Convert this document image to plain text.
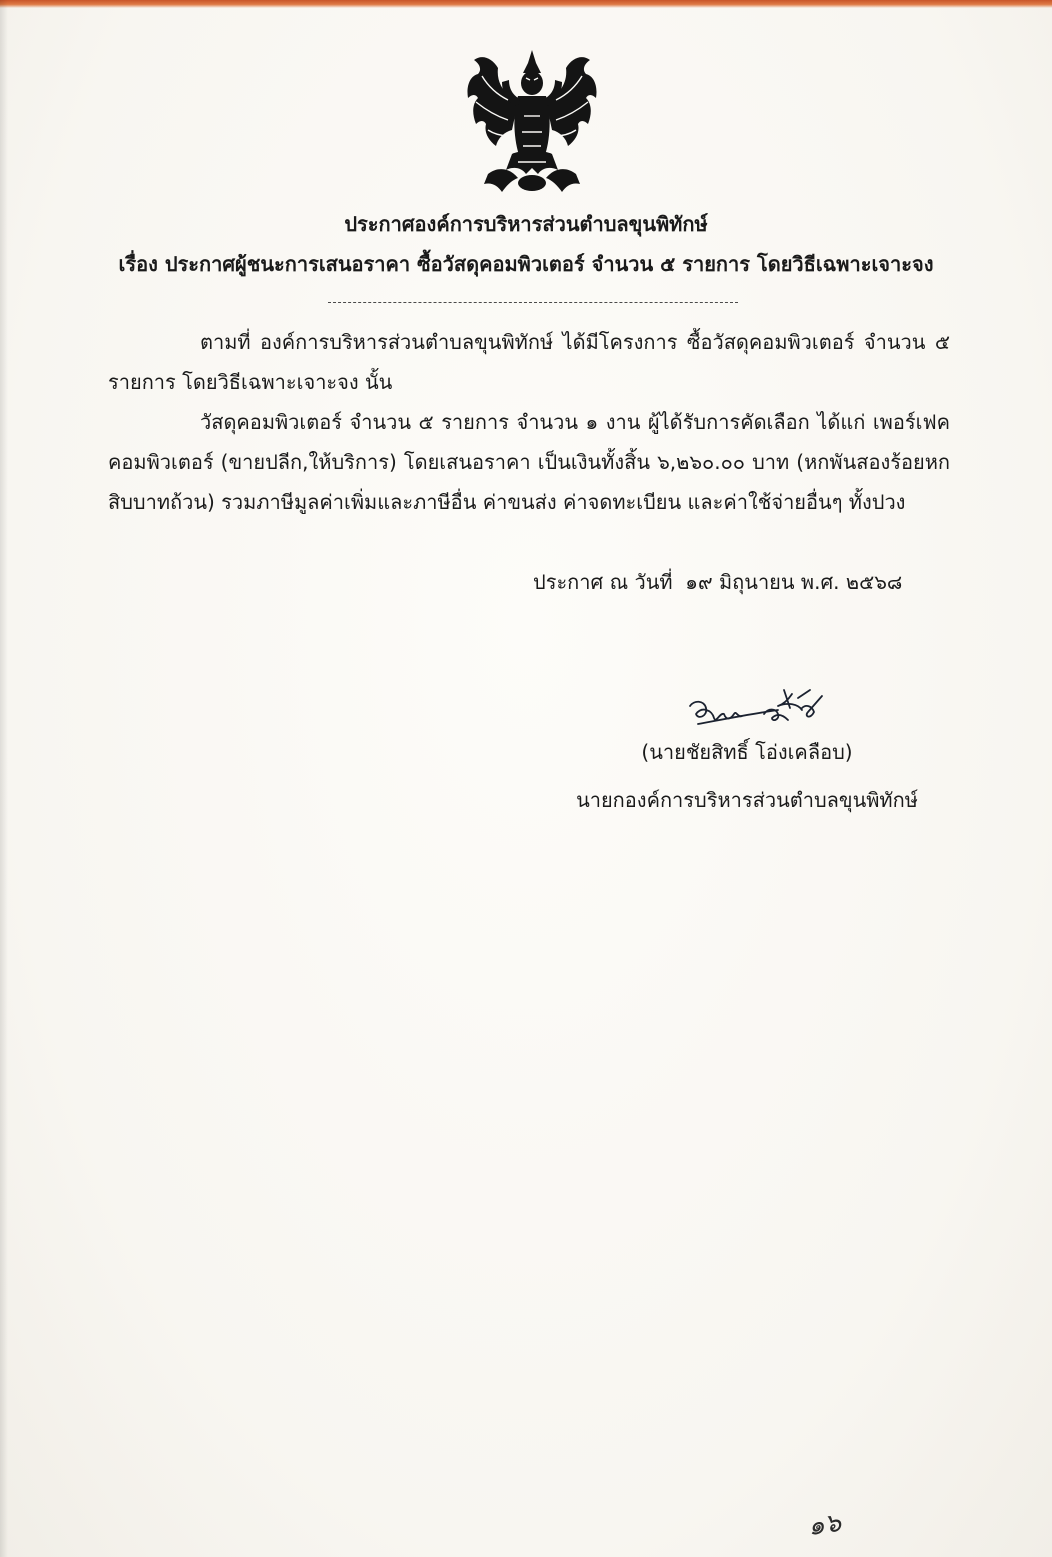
ประกาศองค์การบริหารส่วนตำบลขุนพิทักษ์
เรื่อง ประกาศผู้ชนะการเสนอราคา ซื้อวัสดุคอมพิวเตอร์ จำนวน ๕ รายการ โดยวิธีเฉพาะเจาะจง

ตามที่ องค์การบริหารส่วนตำบลขุนพิทักษ์ ได้มีโครงการ ซื้อวัสดุคอมพิวเตอร์ จำนวน ๕ รายการ โดยวิธีเฉพาะเจาะจง นั้น

วัสดุคอมพิวเตอร์ จำนวน ๕ รายการ จำนวน ๑ งาน ผู้ได้รับการคัดเลือก ได้แก่ เพอร์เฟค คอมพิวเตอร์ (ขายปลีก,ให้บริการ) โดยเสนอราคา เป็นเงินทั้งสิ้น ๖,๒๖๐.๐๐ บาท (หกพันสองร้อยหกสิบบาทถ้วน) รวมภาษีมูลค่าเพิ่มและภาษีอื่น ค่าขนส่ง ค่าจดทะเบียน และค่าใช้จ่ายอื่นๆ ทั้งปวง

ประกาศ ณ วันที่  ๑๙ มิถุนายน พ.ศ. ๒๕๖๘
(นายชัยสิทธิ์ โอ่งเคลือบ)
นายกองค์การบริหารส่วนตำบลขุนพิทักษ์
๑๖
